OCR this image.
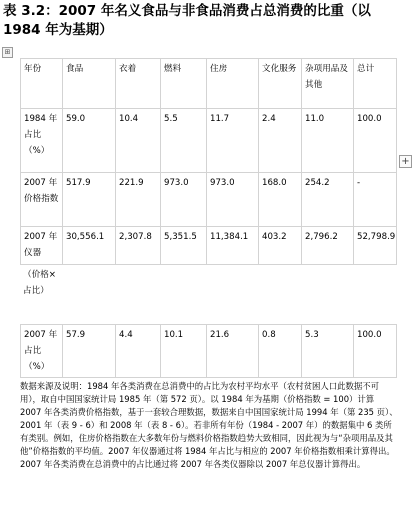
表 3.2：2007 年名义食品与非食品消费占总消费的比重（以 1984 年为基期）
⊞
+
年份	食品	衣着	燃料	住房	文化服务	杂项用品及其他	总计
1984 年占比（%）	59.0	10.4	5.5	11.7	2.4	11.0	100.0
2007 年价格指数	517.9	221.9	973.0	973.0	168.0	254.2	-
2007 年仪器	30,556.1	2,307.8	5,351.5	11,384.1	403.2	2,796.2	52,798.9
（价格×占比）
2007 年占比（%）	57.9	4.4	10.1	21.6	0.8	5.3	100.0
数据来源及说明：1984 年各类消费在总消费中的占比为农村平均水平（农村贫困人口此数据不可用），取自中国国家统计局 1985 年（第 572 页）。以 1984 年为基期（价格指数 = 100）计算 2007 年各类消费价格指数，基于一套较合理数据，数据来自中国国家统计局 1994 年（第 235 页）、2001 年（表 9 - 6）和 2008 年（表 8 - 6）。若非所有年份（1984 - 2007 年）的数据集中 6 类所有类别。例如，住房价格指数在大多数年份与燃料价格指数趋势大致相同，因此视为与“杂项用品及其他”价格指数的平均值。2007 年仪器通过将 1984 年占比与相应的 2007 年价格指数相乘计算得出。2007 年各类消费在总消费中的占比通过将 2007 年各类仪器除以 2007 年总仪器计算得出。
